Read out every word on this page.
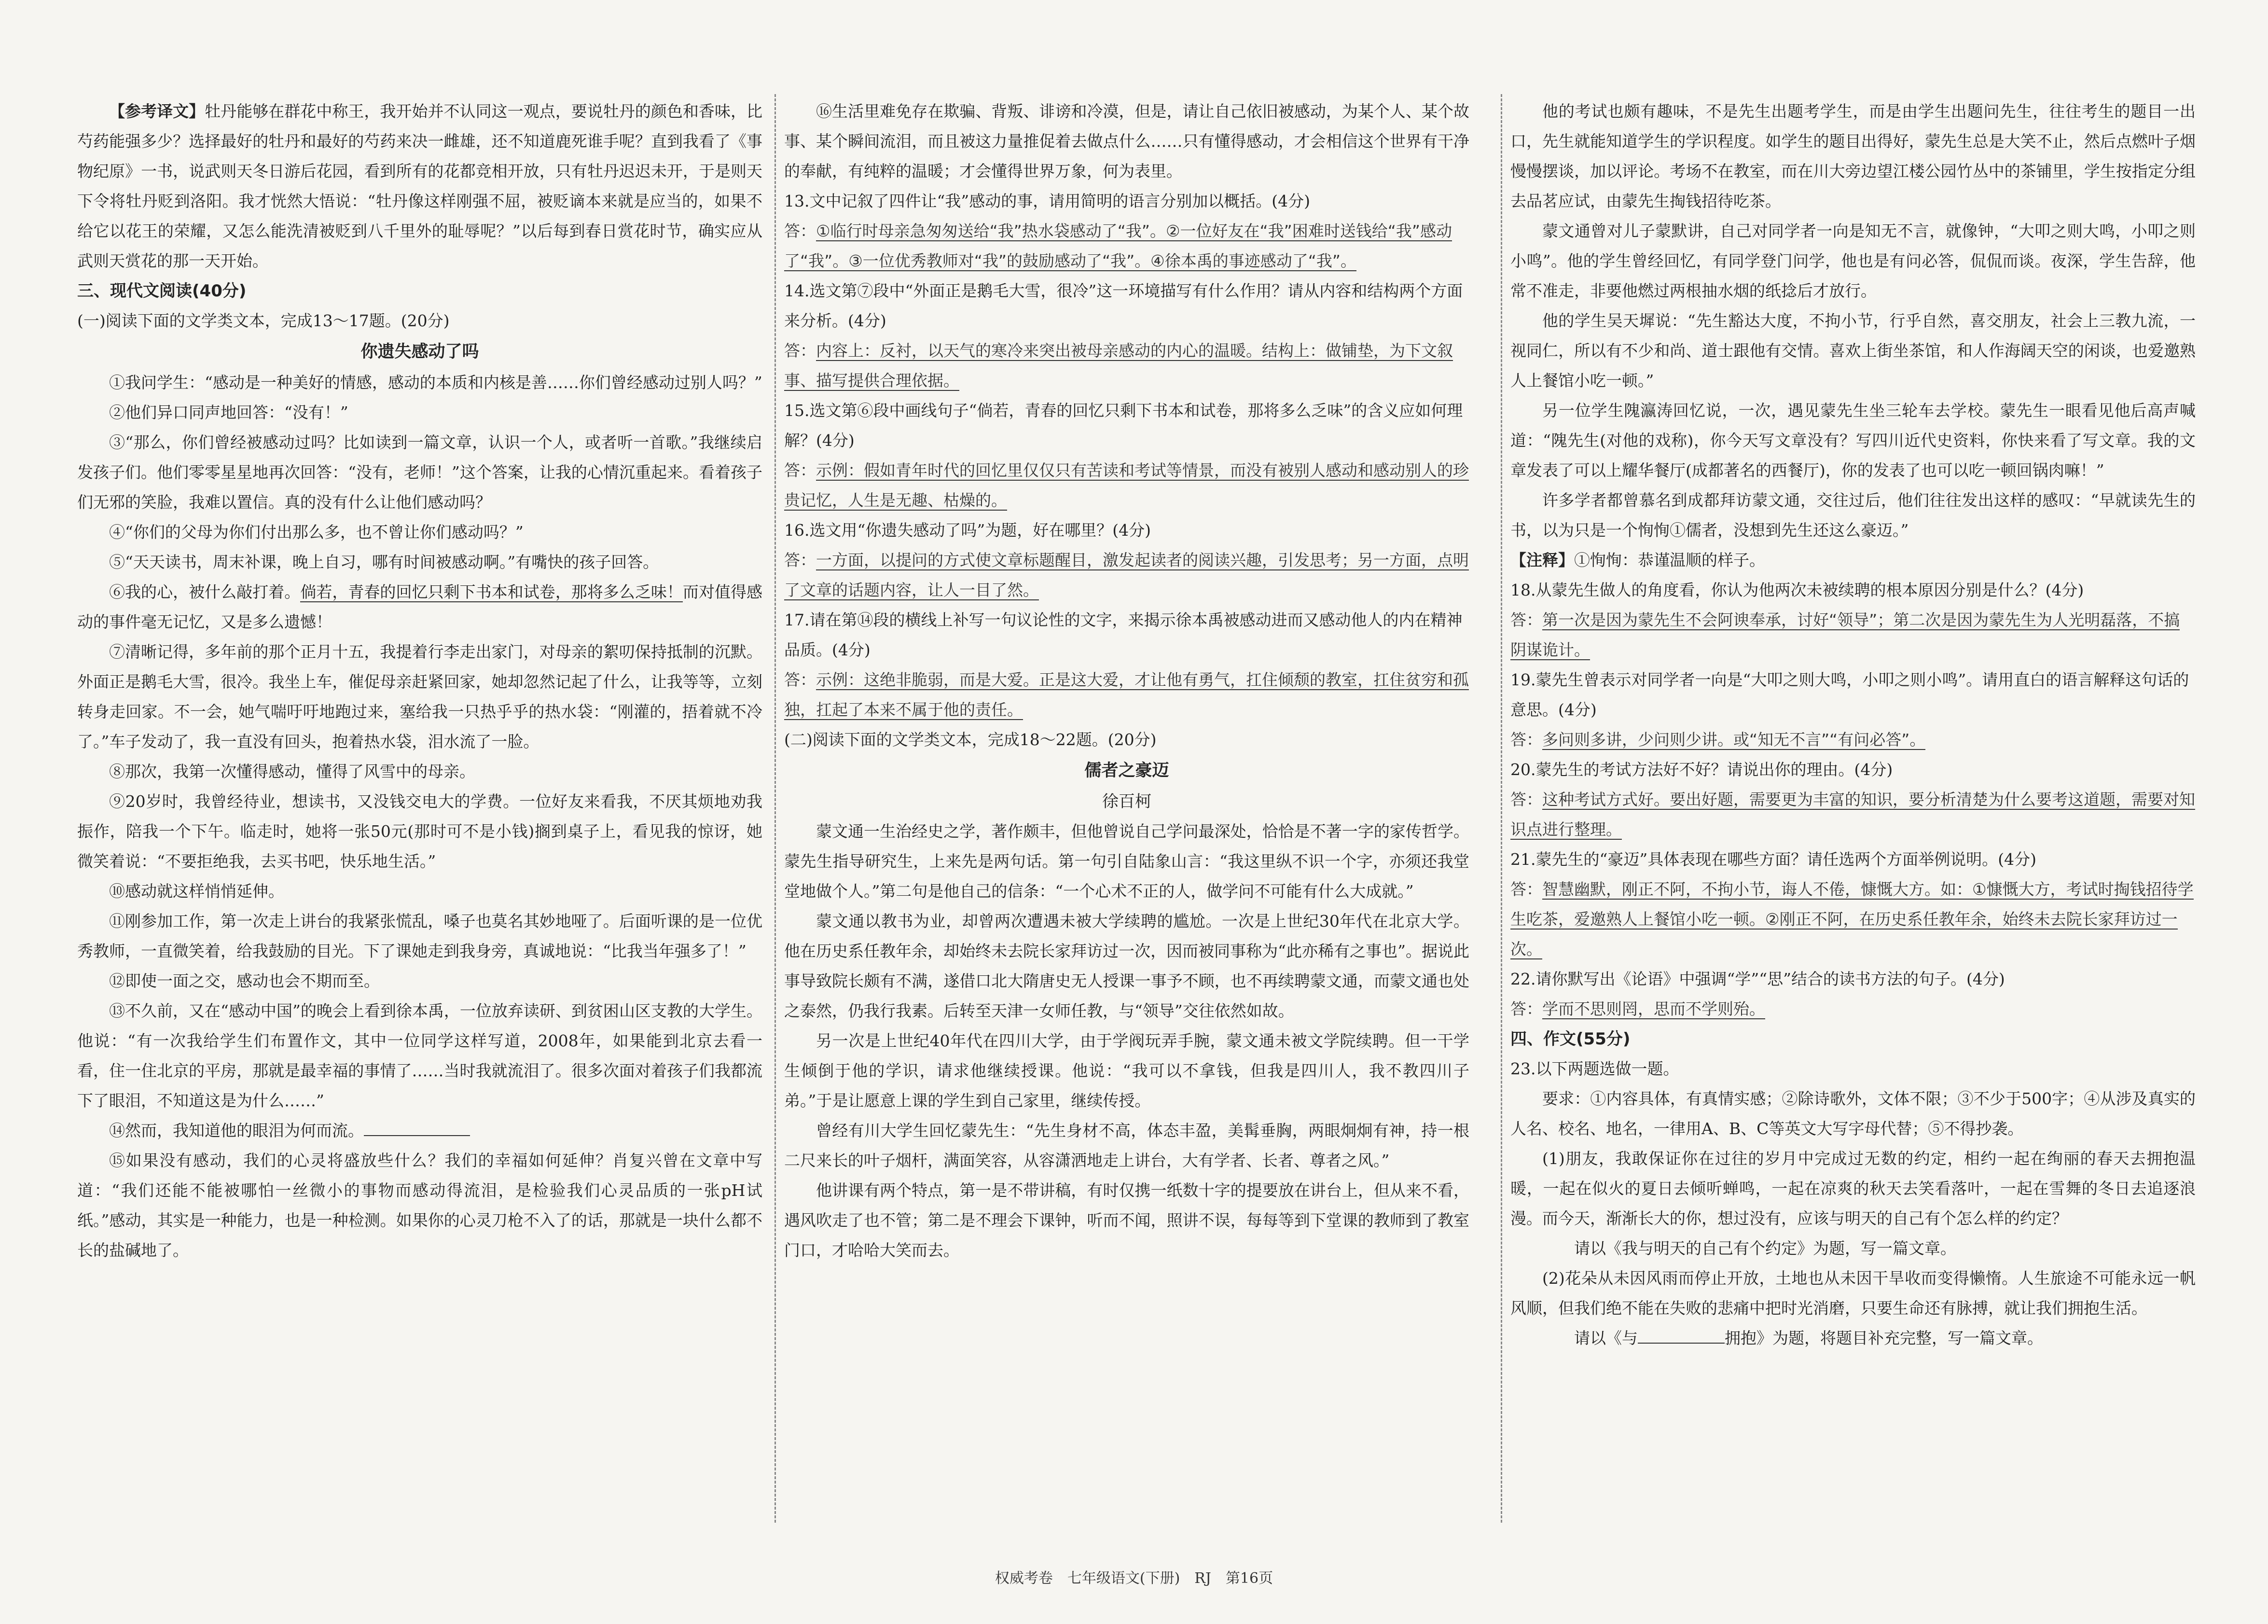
【参考译文】牡丹能够在群花中称王，我开始并不认同这一观点，要说牡丹的颜色和香味，比芍药能强多少？选择最好的牡丹和最好的芍药来决一雌雄，还不知道鹿死谁手呢？直到我看了《事物纪原》一书，说武则天冬日游后花园，看到所有的花都竞相开放，只有牡丹迟迟未开，于是则天下令将牡丹贬到洛阳。我才恍然大悟说：“牡丹像这样刚强不屈，被贬谪本来就是应当的，如果不给它以花王的荣耀，又怎么能洗清被贬到八千里外的耻辱呢？”以后每到春日赏花时节，确实应从武则天赏花的那一天开始。

三、现代文阅读(40分)

(一)阅读下面的文学类文本，完成13～17题。(20分)

你遗失感动了吗

①我问学生：“感动是一种美好的情感，感动的本质和内核是善……你们曾经感动过别人吗？”

②他们异口同声地回答：“没有！”

③“那么，你们曾经被感动过吗？比如读到一篇文章，认识一个人，或者听一首歌。”我继续启发孩子们。他们零零星星地再次回答：“没有，老师！”这个答案，让我的心情沉重起来。看着孩子们无邪的笑脸，我难以置信。真的没有什么让他们感动吗？

④“你们的父母为你们付出那么多，也不曾让你们感动吗？”

⑤“天天读书，周末补课，晚上自习，哪有时间被感动啊。”有嘴快的孩子回答。

⑥我的心，被什么敲打着。倘若，青春的回忆只剩下书本和试卷，那将多么乏味！而对值得感动的事件毫无记忆，又是多么遗憾！

⑦清晰记得，多年前的那个正月十五，我提着行李走出家门，对母亲的絮叨保持抵制的沉默。外面正是鹅毛大雪，很冷。我坐上车，催促母亲赶紧回家，她却忽然记起了什么，让我等等，立刻转身走回家。不一会，她气喘吁吁地跑过来，塞给我一只热乎乎的热水袋：“刚灌的，捂着就不冷了。”车子发动了，我一直没有回头，抱着热水袋，泪水流了一脸。

⑧那次，我第一次懂得感动，懂得了风雪中的母亲。

⑨20岁时，我曾经待业，想读书，又没钱交电大的学费。一位好友来看我，不厌其烦地劝我振作，陪我一个下午。临走时，她将一张50元(那时可不是小钱)搁到桌子上，看见我的惊讶，她微笑着说：“不要拒绝我，去买书吧，快乐地生活。”

⑩感动就这样悄悄延伸。

⑪刚参加工作，第一次走上讲台的我紧张慌乱，嗓子也莫名其妙地哑了。后面听课的是一位优秀教师，一直微笑着，给我鼓励的目光。下了课她走到我身旁，真诚地说：“比我当年强多了！”

⑫即使一面之交，感动也会不期而至。

⑬不久前，又在“感动中国”的晚会上看到徐本禹，一位放弃读研、到贫困山区支教的大学生。他说：“有一次我给学生们布置作文，其中一位同学这样写道，2008年，如果能到北京去看一看，住一住北京的平房，那就是最幸福的事情了……当时我就流泪了。很多次面对着孩子们我都流下了眼泪，不知道这是为什么……”

⑭然而，我知道他的眼泪为何而流。

⑮如果没有感动，我们的心灵将盛放些什么？我们的幸福如何延伸？肖复兴曾在文章中写道：“我们还能不能被哪怕一丝微小的事物而感动得流泪，是检验我们心灵品质的一张pH试纸。”感动，其实是一种能力，也是一种检测。如果你的心灵刀枪不入了的话，那就是一块什么都不长的盐碱地了。

⑯生活里难免存在欺骗、背叛、诽谤和冷漠，但是，请让自己依旧被感动，为某个人、某个故事、某个瞬间流泪，而且被这力量推促着去做点什么……只有懂得感动，才会相信这个世界有干净的奉献，有纯粹的温暖；才会懂得世界万象，何为表里。

13.文中记叙了四件让“我”感动的事，请用简明的语言分别加以概括。(4分)
答：①临行时母亲急匆匆送给“我”热水袋感动了“我”。②一位好友在“我”困难时送钱给“我”感动了“我”。③一位优秀教师对“我”的鼓励感动了“我”。④徐本禹的事迹感动了“我”。
14.选文第⑦段中“外面正是鹅毛大雪，很冷”这一环境描写有什么作用？请从内容和结构两个方面来分析。(4分)
答：内容上：反衬，以天气的寒冷来突出被母亲感动的内心的温暖。结构上：做铺垫，为下文叙事、描写提供合理依据。
15.选文第⑥段中画线句子“倘若，青春的回忆只剩下书本和试卷，那将多么乏味”的含义应如何理解？(4分)
答：示例：假如青年时代的回忆里仅仅只有苦读和考试等情景，而没有被别人感动和感动别人的珍贵记忆，人生是无趣、枯燥的。
16.选文用“你遗失感动了吗”为题，好在哪里？(4分)
答：一方面，以提问的方式使文章标题醒目，激发起读者的阅读兴趣，引发思考；另一方面，点明了文章的话题内容，让人一目了然。
17.请在第⑭段的横线上补写一句议论性的文字，来揭示徐本禹被感动进而又感动他人的内在精神品质。(4分)
答：示例：这绝非脆弱，而是大爱。正是这大爱，才让他有勇气，扛住倾颓的教室，扛住贫穷和孤独，扛起了本来不属于他的责任。

(二)阅读下面的文学类文本，完成18～22题。(20分)

儒者之豪迈
徐百柯

蒙文通一生治经史之学，著作颇丰，但他曾说自己学问最深处，恰恰是不著一字的家传哲学。蒙先生指导研究生，上来先是两句话。第一句引自陆象山言：“我这里纵不识一个字，亦须还我堂堂地做个人。”第二句是他自己的信条：“一个心术不正的人，做学问不可能有什么大成就。”

蒙文通以教书为业，却曾两次遭遇未被大学续聘的尴尬。一次是上世纪30年代在北京大学。他在历史系任教年余，却始终未去院长家拜访过一次，因而被同事称为“此亦稀有之事也”。据说此事导致院长颇有不满，遂借口北大隋唐史无人授课一事予不顾，也不再续聘蒙文通，而蒙文通也处之泰然，仍我行我素。后转至天津一女师任教，与“领导”交往依然如故。

另一次是上世纪40年代在四川大学，由于学阀玩弄手腕，蒙文通未被文学院续聘。但一干学生倾倒于他的学识，请求他继续授课。他说：“我可以不拿钱，但我是四川人，我不教四川子弟。”于是让愿意上课的学生到自己家里，继续传授。

曾经有川大学生回忆蒙先生：“先生身材不高，体态丰盈，美髯垂胸，两眼炯炯有神，持一根二尺来长的叶子烟杆，满面笑容，从容潇洒地走上讲台，大有学者、长者、尊者之风。”

他讲课有两个特点，第一是不带讲稿，有时仅携一纸数十字的提要放在讲台上，但从来不看，遇风吹走了也不管；第二是不理会下课钟，听而不闻，照讲不误，每每等到下堂课的教师到了教室门口，才哈哈大笑而去。

他的考试也颇有趣味，不是先生出题考学生，而是由学生出题问先生，往往考生的题目一出口，先生就能知道学生的学识程度。如学生的题目出得好，蒙先生总是大笑不止，然后点燃叶子烟慢慢摆谈，加以评论。考场不在教室，而在川大旁边望江楼公园竹丛中的茶铺里，学生按指定分组去品茗应试，由蒙先生掏钱招待吃茶。

蒙文通曾对儿子蒙默讲，自己对同学者一向是知无不言，就像钟，“大叩之则大鸣，小叩之则小鸣”。他的学生曾经回忆，有同学登门问学，他也是有问必答，侃侃而谈。夜深，学生告辞，他常不准走，非要他燃过两根抽水烟的纸捻后才放行。

他的学生吴天墀说：“先生豁达大度，不拘小节，行乎自然，喜交朋友，社会上三教九流，一视同仁，所以有不少和尚、道士跟他有交情。喜欢上街坐茶馆，和人作海阔天空的闲谈，也爱邀熟人上餐馆小吃一顿。”

另一位学生隗瀛涛回忆说，一次，遇见蒙先生坐三轮车去学校。蒙先生一眼看见他后高声喊道：“隗先生(对他的戏称)，你今天写文章没有？写四川近代史资料，你快来看了写文章。我的文章发表了可以上耀华餐厅(成都著名的西餐厅)，你的发表了也可以吃一顿回锅肉嘛！”

许多学者都曾慕名到成都拜访蒙文通，交往过后，他们往往发出这样的感叹：“早就读先生的书，以为只是一个恂恂①儒者，没想到先生还这么豪迈。”

【注释】①恂恂：恭谨温顺的样子。

18.从蒙先生做人的角度看，你认为他两次未被续聘的根本原因分别是什么？(4分)
答：第一次是因为蒙先生不会阿谀奉承，讨好“领导”；第二次是因为蒙先生为人光明磊落，不搞阴谋诡计。
19.蒙先生曾表示对同学者一向是“大叩之则大鸣，小叩之则小鸣”。请用直白的语言解释这句话的意思。(4分)
答：多问则多讲，少问则少讲。或“知无不言”“有问必答”。
20.蒙先生的考试方法好不好？请说出你的理由。(4分)
答：这种考试方式好。要出好题，需要更为丰富的知识，要分析清楚为什么要考这道题，需要对知识点进行整理。
21.蒙先生的“豪迈”具体表现在哪些方面？请任选两个方面举例说明。(4分)
答：智慧幽默，刚正不阿，不拘小节，诲人不倦，慷慨大方。如：①慷慨大方，考试时掏钱招待学生吃茶，爱邀熟人上餐馆小吃一顿。②刚正不阿，在历史系任教年余，始终未去院长家拜访过一次。
22.请你默写出《论语》中强调“学”“思”结合的读书方法的句子。(4分)
答：学而不思则罔，思而不学则殆。
四、作文(55分)
23.以下两题选做一题。

要求：①内容具体，有真情实感；②除诗歌外，文体不限；③不少于500字；④从涉及真实的人名、校名、地名，一律用A、B、C等英文大写字母代替；⑤不得抄袭。

(1)朋友，我敢保证你在过往的岁月中完成过无数的约定，相约一起在绚丽的春天去拥抱温暖，一起在似火的夏日去倾听蝉鸣，一起在凉爽的秋天去笑看落叶，一起在雪舞的冬日去追逐浪漫。而今天，渐渐长大的你，想过没有，应该与明天的自己有个怎么样的约定？

请以《我与明天的自己有个约定》为题，写一篇文章。

(2)花朵从未因风雨而停止开放，土地也从未因干旱收而变得懒惰。人生旅途不可能永远一帆风顺，但我们绝不能在失败的悲痛中把时光消磨，只要生命还有脉搏，就让我们拥抱生活。

请以《与	拥抱》为题，将题目补充完整，写一篇文章。

权威考卷　七年级语文(下册)　RJ　第16页
